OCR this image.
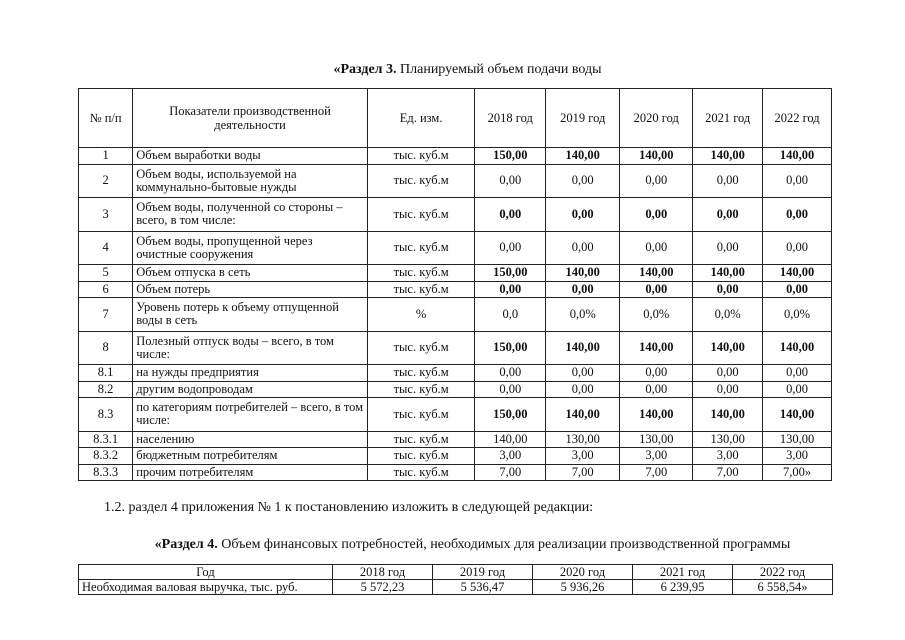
«Раздел 3. Планируемый объем подачи воды
№ п/п	Показатели производственной деятельности	Ед. изм.	2018 год	2019 год	2020 год	2021 год	2022 год
1	Объем выработки воды	тыс. куб.м	150,00	140,00	140,00	140,00	140,00
2	Объем воды, используемой на коммунально-бытовые нужды	тыс. куб.м	0,00	0,00	0,00	0,00	0,00
3	Объем воды, полученной со стороны – всего, в том числе:	тыс. куб.м	0,00	0,00	0,00	0,00	0,00
4	Объем воды, пропущенной через очистные сооружения	тыс. куб.м	0,00	0,00	0,00	0,00	0,00
5	Объем отпуска в сеть	тыс. куб.м	150,00	140,00	140,00	140,00	140,00
6	Объем потерь	тыс. куб.м	0,00	0,00	0,00	0,00	0,00
7	Уровень потерь к объему отпущенной воды в сеть	%	0,0	0,0%	0,0%	0,0%	0,0%
8	Полезный отпуск воды – всего, в том числе:	тыс. куб.м	150,00	140,00	140,00	140,00	140,00
8.1	на нужды предприятия	тыс. куб.м	0,00	0,00	0,00	0,00	0,00
8.2	другим водопроводам	тыс. куб.м	0,00	0,00	0,00	0,00	0,00
8.3	по категориям потребителей – всего, в том числе:	тыс. куб.м	150,00	140,00	140,00	140,00	140,00
8.3.1	населению	тыс. куб.м	140,00	130,00	130,00	130,00	130,00
8.3.2	бюджетным потребителям	тыс. куб.м	3,00	3,00	3,00	3,00	3,00
8.3.3	прочим потребителям	тыс. куб.м	7,00	7,00	7,00	7,00	7,00»
1.2. раздел 4 приложения № 1 к постановлению изложить в следующей редакции:
«Раздел 4. Объем финансовых потребностей, необходимых для реализации производственной программы
Год	2018 год	2019 год	2020 год	2021 год	2022 год
Необходимая валовая выручка, тыс. руб.	5 572,23	5 536,47	5 936,26	6 239,95	6 558,54»
